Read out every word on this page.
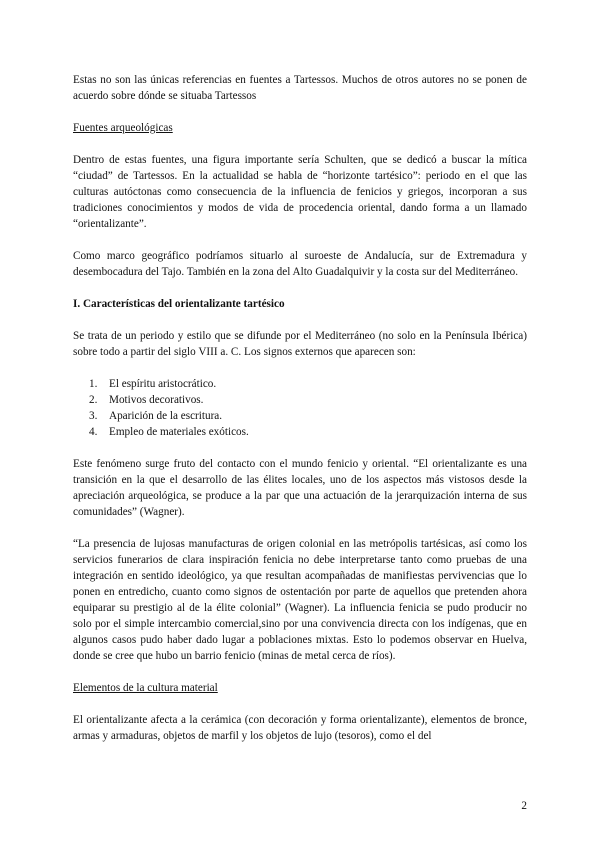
Estas no son las únicas referencias en fuentes a Tartessos. Muchos de otros autores no se ponen de acuerdo sobre dónde se situaba Tartessos

Fuentes arqueológicas

Dentro de estas fuentes, una figura importante sería Schulten, que se dedicó a buscar la mítica “ciudad” de Tartessos. En la actualidad se habla de “horizonte tartésico”: periodo en el que las culturas autóctonas como consecuencia de la influencia de fenicios y griegos, incorporan a sus tradiciones conocimientos y modos de vida de procedencia oriental, dando forma a un llamado “orientalizante”.

Como marco geográfico podríamos situarlo al suroeste de Andalucía, sur de Extremadura y desembocadura del Tajo. También en la zona del Alto Guadalquivir y la costa sur del Mediterráneo.

I. Características del orientalizante tartésico

Se trata de un periodo y estilo que se difunde por el Mediterráneo (no solo en la Península Ibérica) sobre todo a partir del siglo VIII a. C. Los signos externos que aparecen son:

1. El espíritu aristocrático.
2. Motivos decorativos.
3. Aparición de la escritura.
4. Empleo de materiales exóticos.

Este fenómeno surge fruto del contacto con el mundo fenicio y oriental. “El orientalizante es una transición en la que el desarrollo de las élites locales, uno de los aspectos más vistosos desde la apreciación arqueológica, se produce a la par que una actuación de la jerarquización interna de sus comunidades” (Wagner).

“La presencia de lujosas manufacturas de origen colonial en las metrópolis tartésicas, así como los servicios funerarios de clara inspiración fenicia no debe interpretarse tanto como pruebas de una integración en sentido ideológico, ya que resultan acompañadas de manifiestas pervivencias que lo ponen en entredicho, cuanto como signos de ostentación por parte de aquellos que pretenden ahora equiparar su prestigio al de la élite colonial” (Wagner). La influencia fenicia se pudo producir no solo por el simple intercambio comercial,sino por una convivencia directa con los indígenas, que en algunos casos pudo haber dado lugar a poblaciones mixtas. Esto lo podemos observar en Huelva, donde se cree que hubo un barrio fenicio (minas de metal cerca de ríos).

Elementos de la cultura material

El orientalizante afecta a la cerámica (con decoración y forma orientalizante), elementos de bronce, armas y armaduras, objetos de marfil y los objetos de lujo (tesoros), como el del

2
